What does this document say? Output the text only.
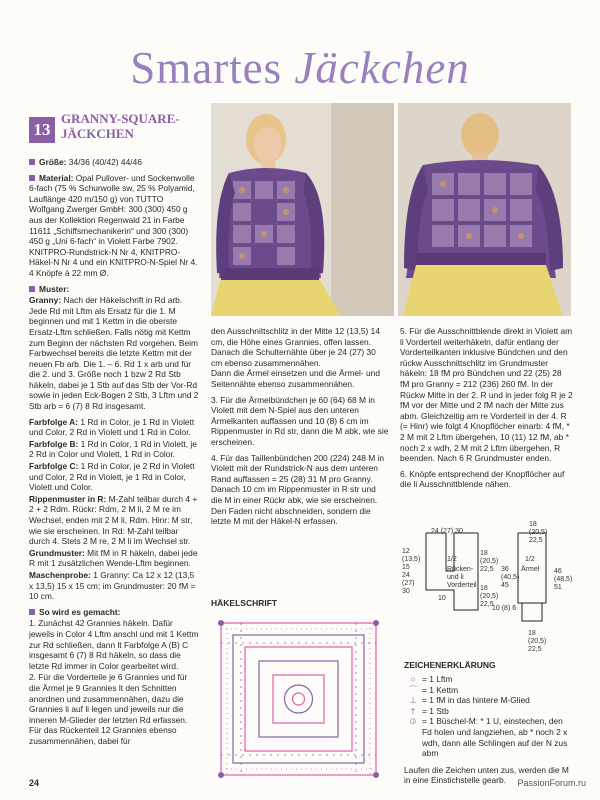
Smartes Jäckchen
13
GRANNY-SQUARE-JÄCKCHEN

Größe: 34/36 (40/42) 44/46

Material: Opal Pullover- und Sockenwolle 6-fach (75 % Schurwolle sw, 25 % Polyamid, Lauflänge 420 m/150 g) von TUTTO Wolfgang Zwerger GmbH: 300 (300) 450 g aus der Kollektion Regenwald 21 in Farbe 11611 „Schiffsmechanikerin“ und 300 (300) 450 g „Uni 6-fach“ in Violett Farbe 7902. KNITPRO-Rundstrick-N Nr 4, KNITPRO-Häkel-N Nr 4 und ein KNITPRO-N-Spiel Nr 4. 4 Knöpfe à 22 mm Ø.

Muster:

Granny: Nach der Häkelschrift in Rd arb. Jede Rd mit Lftm als Ersatz für die 1. M beginnen und mit 1 Kettm in die oberste Ersatz-Lftm schließen. Falls nötig mit Kettm zum Beginn der nächsten Rd vorgehen. Beim Farbwechsel bereits die letzte Kettm mit der neuen Fb arb. Die 1. – 6. Rd 1 x arb und für die 2. und 3. Größe noch 1 bzw 2 Rd Stb häkeln, dabei je 1 Stb auf das Stb der Vor-Rd sowie in jeden Eck-Bogen 2 Stb, 3 Lftm und 2 Stb arb = 6 (7) 8 Rd insgesamt.

Farbfolge A: 1 Rd in Color, je 1 Rd in Violett und Color, 2 Rd in Violett und 1 Rd in Color.

Farbfolge B: 1 Rd in Color, 1 Rd in Violett, je 2 Rd in Color und Violett, 1 Rd in Color.

Farbfolge C: 1 Rd in Color, je 2 Rd in Violett und Color, 2 Rd in Violett, je 1 Rd in Color, Violett und Color.

Rippenmuster in R: M-Zahl teilbar durch 4 + 2 + 2 Rdm. Rückr: Rdm, 2 M li, 2 M re im Wechsel, enden mit 2 M li, Rdm. Hinr: M str, wie sie erscheinen. In Rd: M-Zahl teilbar durch 4. Stets 2 M re, 2 M li im Wechsel str.

Grundmuster: Mit fM in R häkeln, dabei jede R mit 1 zusätzlichen Wende-Lftm beginnen.

Maschenprobe: 1 Granny: Ca 12 x 12 (13,5 x 13,5) 15 x 15 cm; im Grundmuster: 20 fM = 10 cm.

So wird es gemacht:

1. Zunächst 42 Grannies häkeln. Dafür jeweils in Color 4 Lftm anschl und mit 1 Kettm zur Rd schließen, dann lt Farbfolge A (B) C insgesamt 6 (7) 8 Rd häkeln, so dass die letzte Rd immer in Color gearbeitet wird.

2. Für die Vorderteile je 6 Grannies und für die Ärmel je 9 Grannies lt den Schnitten anordnen und zusammennähen, dazu die Grannies li auf li legen und jeweils nur die inneren M-Glieder der letzten Rd erfassen. Für das Rückenteil 12 Grannies ebenso zusammennähen, dabei für

den Ausschnittschlitz in der Mitte 12 (13,5) 14 cm, die Höhe eines Grannies, offen lassen. Danach die Schulternähte über je 24 (27) 30 cm ebenso zusammennähen.

Dann die Ärmel einsetzen und die Ärmel- und Seitennähte ebenso zusammennähen.

3. Für die Ärmelbündchen je 60 (64) 68 M in Violett mit dem N-Spiel aus den unteren Ärmelkanten auffassen und 10 (8) 6 cm im Rippenmuster in Rd str, dann die M abk, wie sie erscheinen.

4. Für das Taillenbündchen 200 (224) 248 M in Violett mit der Rundstrick-N aus dem unteren Rand auffassen = 25 (28) 31 M pro Granny. Danach 10 cm im Rippenmuster in R str und die M in einer Rückr abk, wie sie erscheinen. Den Faden nicht abschneiden, sondern die letzte M mit der Häkel-N erfassen.

HÄKELSCHRIFT

5. Für die Ausschnittblende direkt in Violett am li Vorderteil weiterhäkeln, dafür entlang der Vorderteilkanten inklusive Bündchen und den rückw Ausschnittschlitz im Grundmuster häkeln: 18 fM pro Bündchen und 22 (25) 28 fM pro Granny = 212 (236) 260 fM. In der Rückw Mitte in der 2. R und in jeder folg R je 2 fM vor der Mitte und 2 fM nach der Mitte zus abm. Gleichzeitig am re Vorderteil in der 4. R (= Hinr) wie folgt 4 Knopflöcher einarb: 4 fM, * 2 M mit 2 Lftm übergehen, 10 (11) 12 fM, ab * noch 2 x wdh, 2 M mit 2 Lftm übergehen, R beenden. Nach 6 R Grundmuster enden.

6. Knöpfe entsprechend der Knopflöcher auf die li Ausschnittblende nähen.

24 (27) 30
12 (13,5) 15
1/2
Rücken- und li Vorderteil
24 (27) 30
18 (20,5) 22,5	36 (40,5) 45
18 (20,5) 22,5
10
18 (20,5) 22,5
1/2
Ärmel 46 (48,5) 51
10 (8) 6
18 (20,5) 22,5
ZEICHENERKLÄRUNG
○ = 1 Lftm
⌒ = 1 Kettm
⊥ = 1 fM in das hintere M-Glied
† = 1 Stb
⦶ = 1 Büschel-M: * 1 U, einstechen, den Fd holen und langziehen, ab * noch 2 x wdh, dann alle Schlingen auf der N zus abm
Laufen die Zeichen unten zus, werden die M in eine Einstichstelle gearb.
24	PassionForum.ru
